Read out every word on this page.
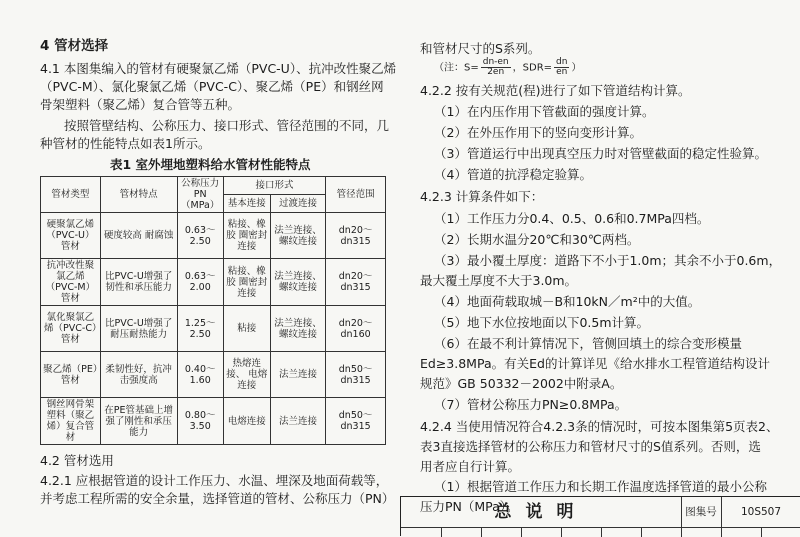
4 管材选择
4.1 本图集编入的管材有硬聚氯乙烯（PVC-U）、抗冲改性聚乙烯
（PVC-M）、氯化聚氯乙烯（PVC-C）、聚乙烯（PE）和钢丝网
骨架塑料（聚乙烯）复合管等五种。
按照管壁结构、公称压力、接口形式、管径范围的不同，几
种管材的性能特点如表1所示。
表1 室外埋地塑料给水管材性能特点
管材类型	管材特点	公称压力 PN（MPa）	接口形式		管径范围
			基本连接	过渡连接	
硬聚氯乙烯（PVC-U）管材	硬度较高 耐腐蚀	0.63～2.50	粘接、橡胶 圈密封连接	法兰连接、 螺纹连接	dn20～dn315
抗冲改性聚氯乙烯（PVC-M）管材	比PVC-U增强了 韧性和承压能力	0.63～2.00	粘接、橡胶 圈密封连接	法兰连接、 螺纹连接	dn20～dn315
氯化聚氯乙烯（PVC-C）管材	比PVC-U增强了 耐压耐热能力	1.25～2.50	粘接	法兰连接、 螺纹连接	dn20～dn160
聚乙烯（PE）管材	柔韧性好，抗冲 击强度高	0.40～1.60	热熔连接、 电熔连接	法兰连接	dn50～dn315
钢丝网骨架塑料（聚乙烯）复合管材	在PE管基础上增 强了刚性和承压 能力	0.80～3.50	电熔连接	法兰连接	dn50～dn315
4.2 管材选用
4.2.1 应根据管道的设计工作压力、水温、埋深及地面荷载等，
并考虑工程所需的安全余量，选择管道的管材、公称压力（PN）
和管材尺寸的S系列。
（注：$S= \frac{dn-en}{2en}$ ，$SDR= \frac{dn}{en}$ ）
4.2.2 按有关规范(程)进行了如下管道结构计算。
（1）在内压作用下管截面的强度计算。
（2）在外压作用下的竖向变形计算。
（3）管道运行中出现真空压力时对管壁截面的稳定性验算。
（4）管道的抗浮稳定验算。
4.2.3 计算条件如下：
（1）工作压力分0.4、0.5、0.6和0.7MPa四档。
（2）长期水温分20℃和30℃两档。
（3）最小覆土厚度：道路下不小于1.0m；其余不小于0.6m，
最大覆土厚度不大于3.0m。
（4）地面荷载取城－B和10kN／m²中的大值。
（5）地下水位按地面以下0.5m计算。
（6）在最不利计算情况下，管侧回填土的综合变形模量
Ed≥3.8MPa。有关Ed的计算详见《给水排水工程管道结构设计
规范》GB 50332－2002中附录A。
（7）管材公称压力PN≥0.8MPa。
4.2.4 当使用情况符合4.2.3条的情况时，可按本图集第5页表2、
表3直接选择管材的公称压力和管材尺寸的S值系列。否则，选
用者应自行计算。
（1）根据管道工作压力和长期工作温度选择管道的最小公称
压力PN（MPa）。
总说明	图集号	10S507
